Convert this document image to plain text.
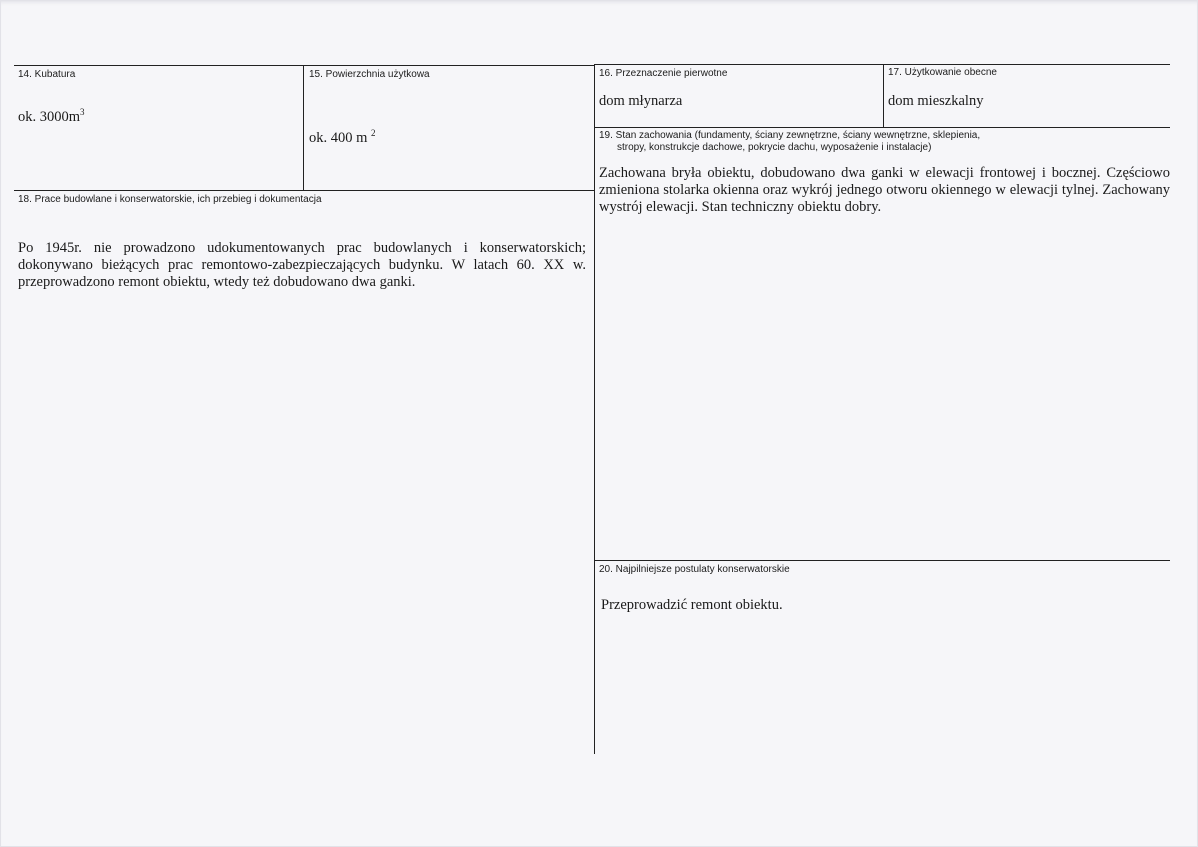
14. Kubatura
ok. $3000m^3$
15. Powierzchnia użytkowa
ok. 400 m $^2$
16. Przeznaczenie pierwotne
dom młynarza
17. Użytkowanie obecne
dom mieszkalny
19. Stan zachowania (fundamenty, ściany zewnętrzne, ściany wewnętrzne, sklepienia,
stropy, konstrukcje dachowe, pokrycie dachu, wyposażenie i instalacje)
Zachowana bryła obiektu, dobudowano dwa ganki w elewacji frontowej i bocznej. Częściowo zmieniona stolarka okienna oraz wykrój jednego otworu okiennego w elewacji tylnej. Zachowany wystrój elewacji. Stan techniczny obiektu dobry.
18. Prace budowlane i konserwatorskie, ich przebieg i dokumentacja
Po 1945r. nie prowadzono udokumentowanych prac budowlanych i konserwatorskich; dokonywano bieżących prac remontowo-zabezpieczających budynku. W latach 60. XX w. przeprowadzono remont obiektu, wtedy też dobudowano dwa ganki.
20. Najpilniejsze postulaty konserwatorskie
Przeprowadzić remont obiektu.
